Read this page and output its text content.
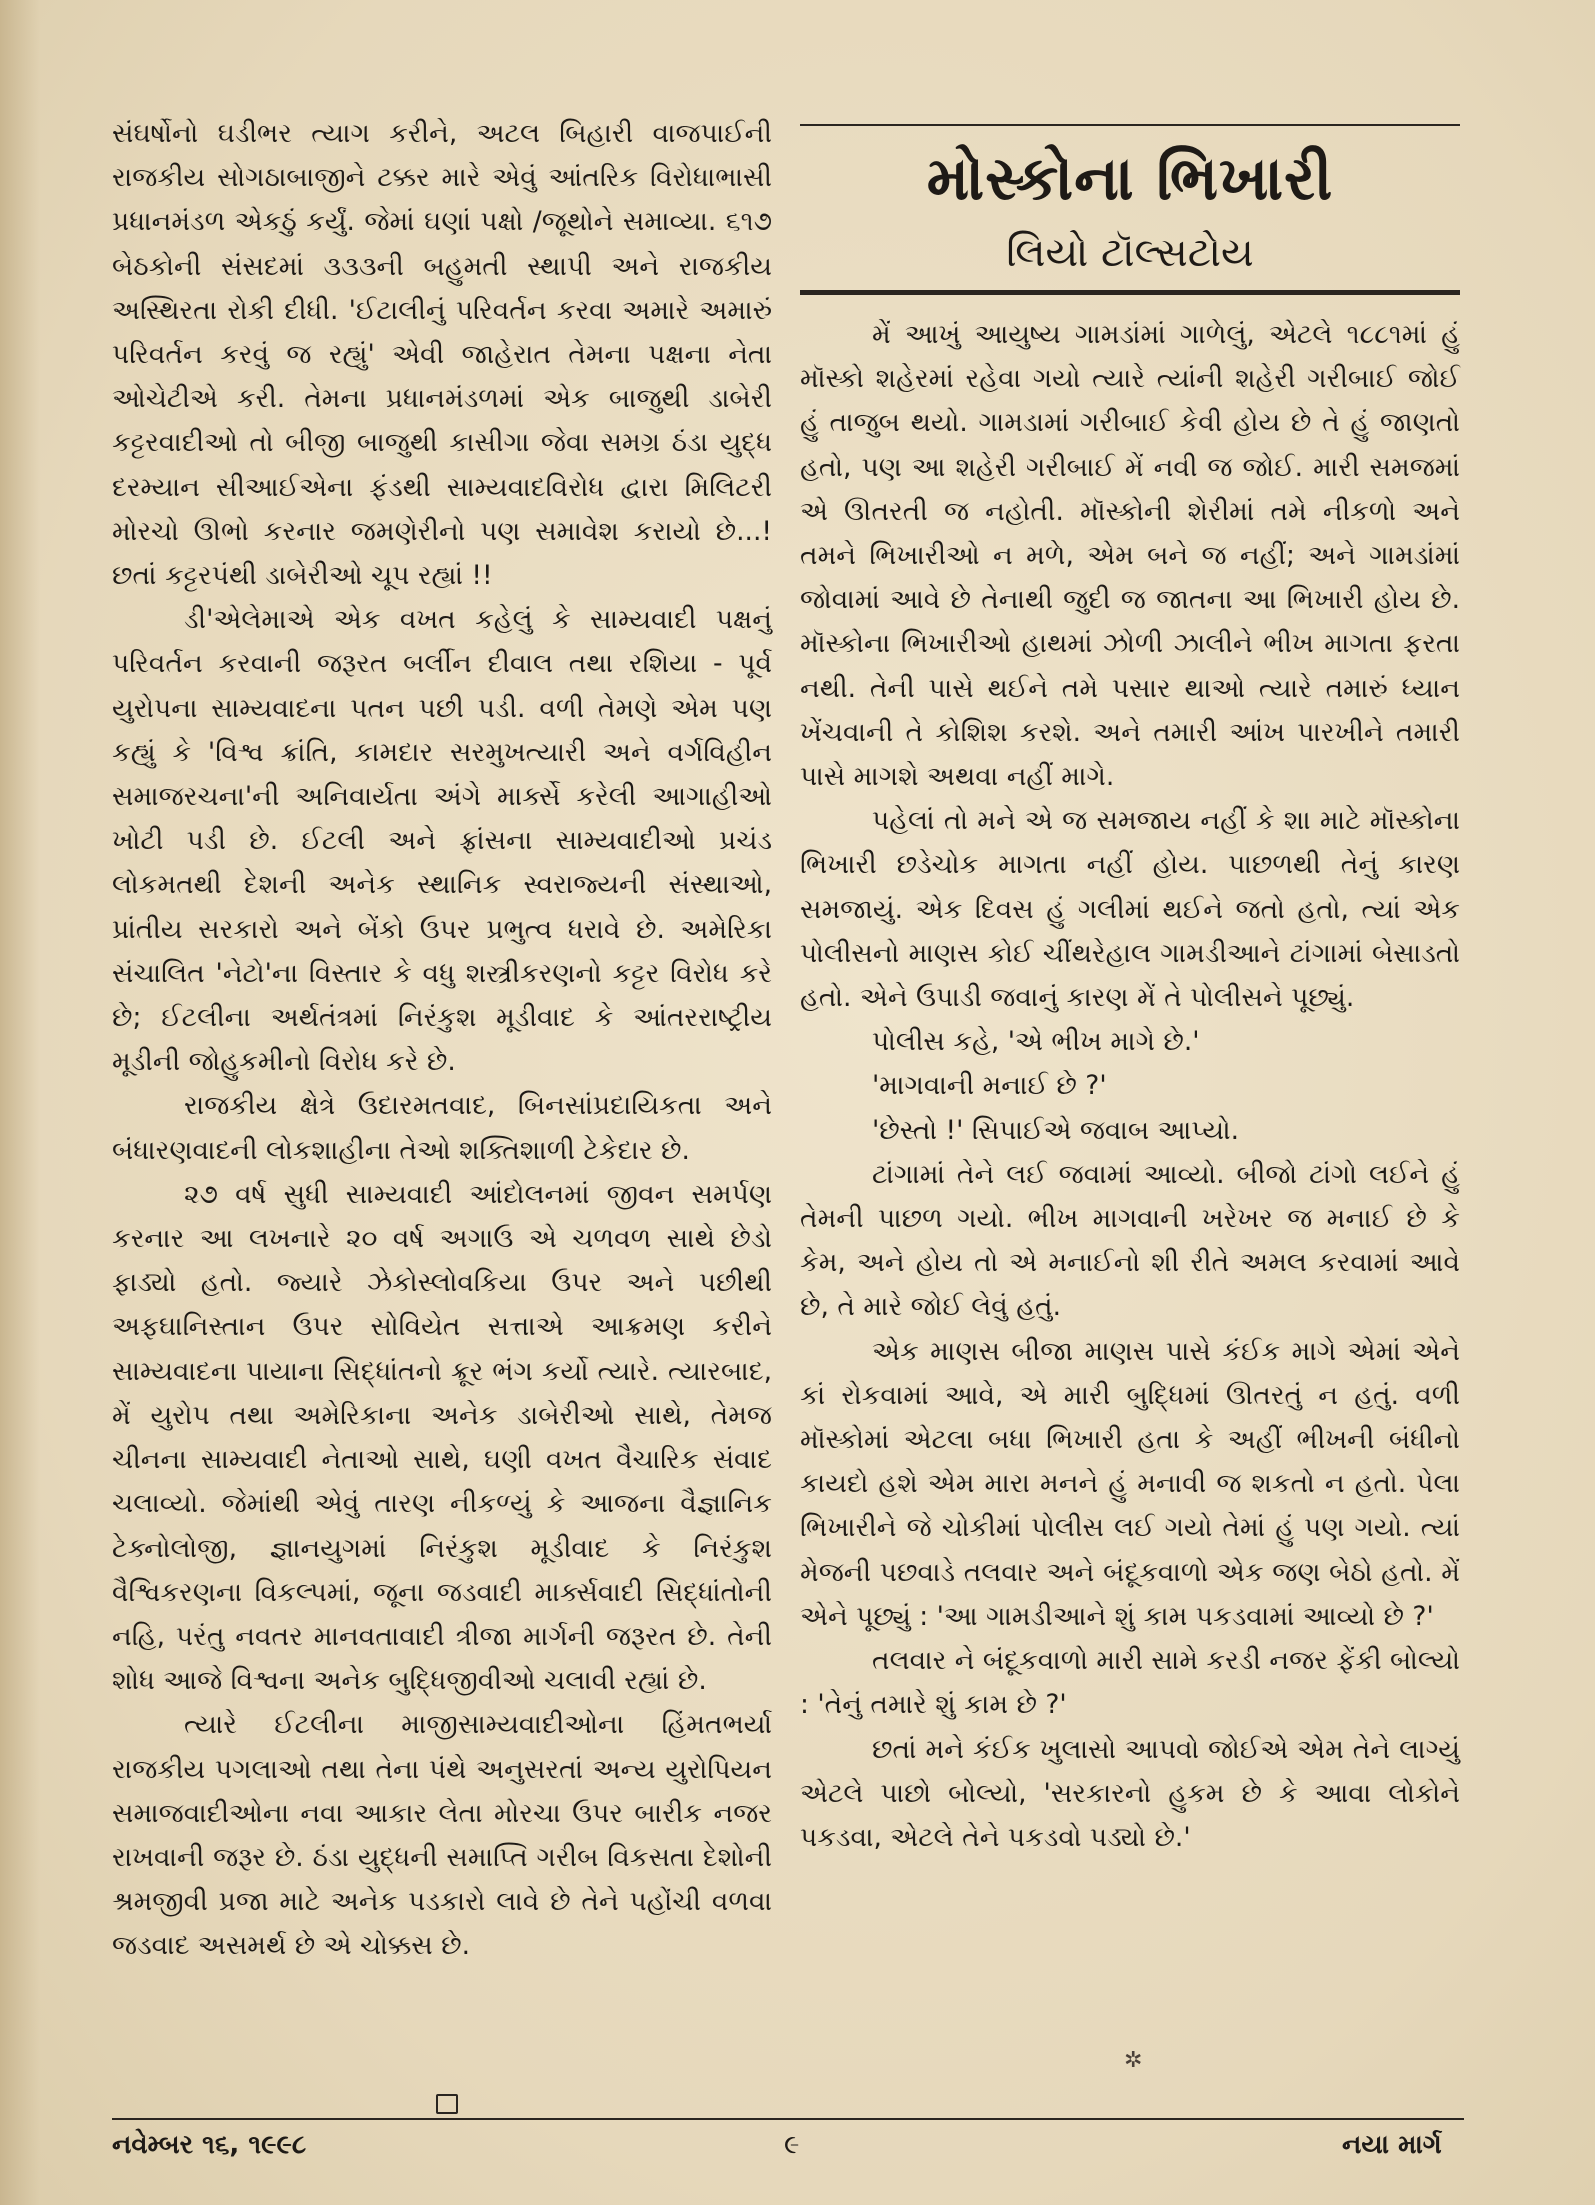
સંઘર્ષોનો ઘડીભર ત્યાગ કરીને, અટલ બિહારી વાજપાઈની રાજકીય સોગઠાબાજીને ટક્કર મારે એવું આંતરિક વિરોધાભાસી પ્રધાનમંડળ એકઠું કર્યું. જેમાં ઘણાં પક્ષો /જૂથોને સમાવ્યા. ૬૧૭ બેઠકોની સંસદમાં ૩૩૩ની બહુમતી સ્થાપી અને રાજકીય અસ્થિરતા રોકી દીધી. 'ઈટાલીનું પરિવર્તન કરવા અમારે અમારું પરિવર્તન કરવું જ રહ્યું' એવી જાહેરાત તેમના પક્ષના નેતા ઓચેટીએ કરી. તેમના પ્રધાનમંડળમાં એક બાજુથી ડાબેરી કટ્ટરવાદીઓ તો બીજી બાજુથી કાસીગા જેવા સમગ્ર ઠંડા યુદ્ધ દરમ્યાન સીઆઈએના ફંડથી સામ્યવાદવિરોધ દ્વારા મિલિટરી મોરચો ઊભો કરનાર જમણેરીનો પણ સમાવેશ કરાયો છે...! છતાં કટ્ટરપંથી ડાબેરીઓ ચૂપ રહ્યાં !!

ડી'એલેમાએ એક વખત કહેલું કે સામ્યવાદી પક્ષનું પરિવર્તન કરવાની જરૂરત બર્લીન દીવાલ તથા રશિયા - પૂર્વ યુરોપના સામ્યવાદના પતન પછી પડી. વળી તેમણે એમ પણ કહ્યું કે 'વિશ્વ ક્રાંતિ, કામદાર સરમુખત્યારી અને વર્ગવિહીન સમાજરચના'ની અનિવાર્યતા અંગે માર્ક્સે કરેલી આગાહીઓ ખોટી પડી છે. ઈટલી અને ફ્રાંસના સામ્યવાદીઓ પ્રચંડ લોકમતથી દેશની અનેક સ્થાનિક સ્વરાજ્યની સંસ્થાઓ, પ્રાંતીય સરકારો અને બેંકો ઉપર પ્રભુત્વ ધરાવે છે. અમેરિકા સંચાલિત 'નેટો'ના વિસ્તાર કે વધુ શસ્ત્રીકરણનો કટ્ટર વિરોધ કરે છે; ઈટલીના અર્થતંત્રમાં નિરંકુશ મૂડીવાદ કે આંતરરાષ્ટ્રીય મૂડીની જોહુકમીનો વિરોધ કરે છે.

રાજકીય ક્ષેત્રે ઉદારમતવાદ, બિનસાંપ્રદાયિકતા અને બંધારણવાદની લોકશાહીના તેઓ શક્તિશાળી ટેકેદાર છે.

૨૭ વર્ષ સુધી સામ્યવાદી આંદોલનમાં જીવન સમર્પણ કરનાર આ લખનારે ૨૦ વર્ષ અગાઉ એ ચળવળ સાથે છેડો ફાડ્યો હતો. જ્યારે ઝેકોસ્લોવકિયા ઉપર અને પછીથી અફઘાનિસ્તાન ઉપર સોવિયેત સત્તાએ આક્રમણ કરીને સામ્યવાદના પાયાના સિદ્ધાંતનો ક્રૂર ભંગ કર્યો ત્યારે. ત્યારબાદ, મેં યુરોપ તથા અમેરિકાના અનેક ડાબેરીઓ સાથે, તેમજ ચીનના સામ્યવાદી નેતાઓ સાથે, ઘણી વખત વૈચારિક સંવાદ ચલાવ્યો. જેમાંથી એવું તારણ નીકળ્યું કે આજના વૈજ્ઞાનિક ટેક્નોલોજી, જ્ઞાનયુગમાં નિરંકુશ મૂડીવાદ કે નિરંકુશ વૈશ્વિકરણના વિકલ્પમાં, જૂના જડવાદી માર્ક્સવાદી સિદ્ધાંતોની નહિ, પરંતુ નવતર માનવતાવાદી ત્રીજા માર્ગની જરૂરત છે. તેની શોધ આજે વિશ્વના અનેક બુદ્ધિજીવીઓ ચલાવી રહ્યાં છે.

ત્યારે ઈટલીના માજીસામ્યવાદીઓના હિંમતભર્યા રાજકીય પગલાઓ તથા તેના પંથે અનુસરતાં અન્ય યુરોપિયન સમાજવાદીઓના નવા આકાર લેતા મોરચા ઉપર બારીક નજર રાખવાની જરૂર છે. ઠંડા યુદ્ધની સમાપ્તિ ગરીબ વિકસતા દેશોની શ્રમજીવી પ્રજા માટે અનેક પડકારો લાવે છે તેને પહોંચી વળવા જડવાદ અસમર્થ છે એ ચોક્કસ છે.

મોસ્કોના ભિખારી
લિયો ટૉલ્સટોય

મેં આખું આયુષ્ય ગામડાંમાં ગાળેલું, એટલે ૧૮૮૧માં હું મૉસ્કો શહેરમાં રહેવા ગયો ત્યારે ત્યાંની શહેરી ગરીબાઈ જોઈ હું તાજુબ થયો. ગામડામાં ગરીબાઈ કેવી હોય છે તે હું જાણતો હતો, પણ આ શહેરી ગરીબાઈ મેં નવી જ જોઈ. મારી સમજમાં એ ઊતરતી જ નહોતી. મૉસ્કોની શેરીમાં તમે નીકળો અને તમને ભિખારીઓ ન મળે, એમ બને જ નહીં; અને ગામડાંમાં જોવામાં આવે છે તેનાથી જુદી જ જાતના આ ભિખારી હોય છે. મૉસ્કોના ભિખારીઓ હાથમાં ઝોળી ઝાલીને ભીખ માગતા ફરતા નથી. તેની પાસે થઈને તમે પસાર થાઓ ત્યારે તમારું ધ્યાન ખેંચવાની તે કોશિશ કરશે. અને તમારી આંખ પારખીને તમારી પાસે માગશે અથવા નહીં માગે.

પહેલાં તો મને એ જ સમજાય નહીં કે શા માટે મૉસ્કોના ભિખારી છડેચોક માગતા નહીં હોય. પાછળથી તેનું કારણ સમજાયું. એક દિવસ હું ગલીમાં થઈને જતો હતો, ત્યાં એક પોલીસનો માણસ કોઈ ચીંથરેહાલ ગામડીઆને ટાંગામાં બેસાડતો હતો. એને ઉપાડી જવાનું કારણ મેં તે પોલીસને પૂછ્યું.

પોલીસ કહે, 'એ ભીખ માગે છે.'

'માગવાની મનાઈ છે ?'

'છેસ્તો !' સિપાઈએ જવાબ આપ્યો.

ટાંગામાં તેને લઈ જવામાં આવ્યો. બીજો ટાંગો લઈને હું તેમની પાછળ ગયો. ભીખ માગવાની ખરેખર જ મનાઈ છે કે કેમ, અને હોય તો એ મનાઈનો શી રીતે અમલ કરવામાં આવે છે, તે મારે જોઈ લેવું હતું.

એક માણસ બીજા માણસ પાસે કંઈક માગે એમાં એને કાં રોકવામાં આવે, એ મારી બુદ્ધિમાં ઊતરતું ન હતું. વળી મૉસ્કોમાં એટલા બધા ભિખારી હતા કે અહીં ભીખની બંધીનો કાયદો હશે એમ મારા મનને હું મનાવી જ શકતો ન હતો. પેલા ભિખારીને જે ચોકીમાં પોલીસ લઈ ગયો તેમાં હું પણ ગયો. ત્યાં મેજની પછવાડે તલવાર અને બંદૂકવાળો એક જણ બેઠો હતો. મેં એને પૂછ્યું : 'આ ગામડીઆને શું કામ પકડવામાં આવ્યો છે ?'

તલવાર ને બંદૂકવાળો મારી સામે કરડી નજર ફેંકી બોલ્યો : 'તેનું તમારે શું કામ છે ?'

છતાં મને કંઈક ખુલાસો આપવો જોઈએ એમ તેને લાગ્યું એટલે પાછો બોલ્યો, 'સરકારનો હુકમ છે કે આવા લોકોને પકડવા, એટલે તેને પકડવો પડ્યો છે.'

✲
નવેમ્બર ૧૬, ૧૯૯૮	૯	નયા માર્ગ
